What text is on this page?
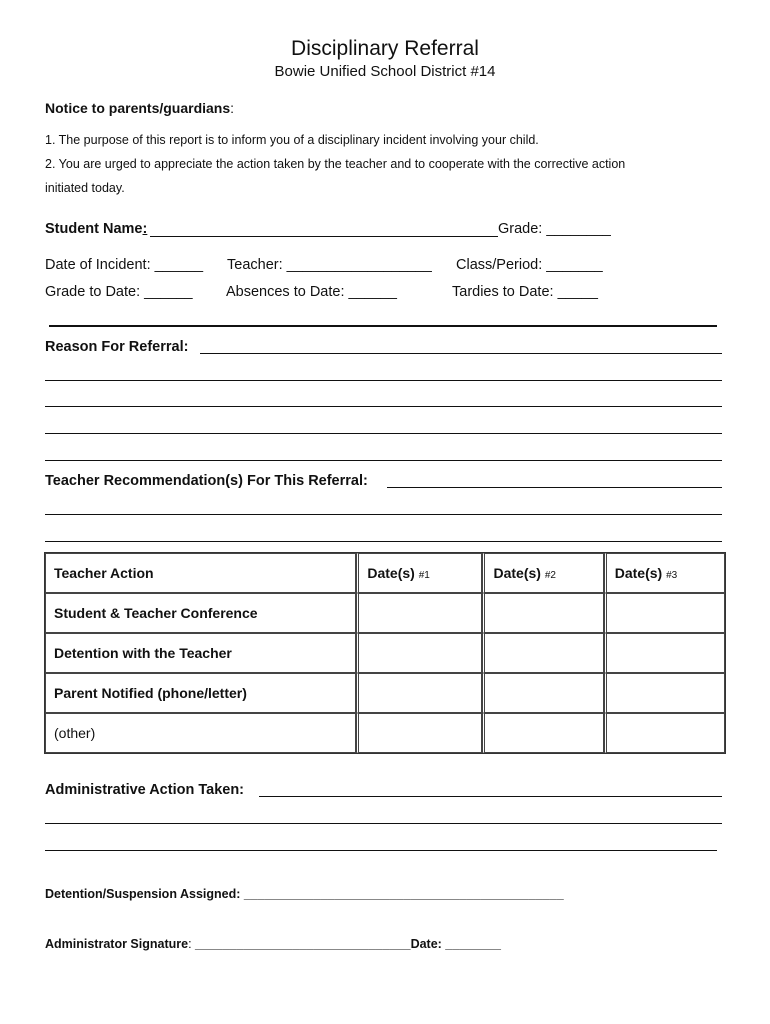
Disciplinary Referral
Bowie Unified School District #14
Notice to parents/guardians:
1. The purpose of this report is to inform you of a disciplinary incident involving your child.
2. You are urged to appreciate the action taken by the teacher and to cooperate with the corrective action
initiated today.
Student Name:	Grade: ________
Date of Incident: ______ Teacher: __________________ Class/Period: _______
Grade to Date: ______ Absences to Date: ______	Tardies to Date: _____
Reason For Referral:
Teacher Recommendation(s) For This Referral:
Teacher Action	Date(s) #1	Date(s) #2	Date(s) #3
Student & Teacher Conference			
Detention with the Teacher			
Parent Notified (phone/letter)			
(other)			
Administrative Action Taken:
Detention/Suspension Assigned: ______________________________________________
Administrator Signature: _______________________________Date: ________
